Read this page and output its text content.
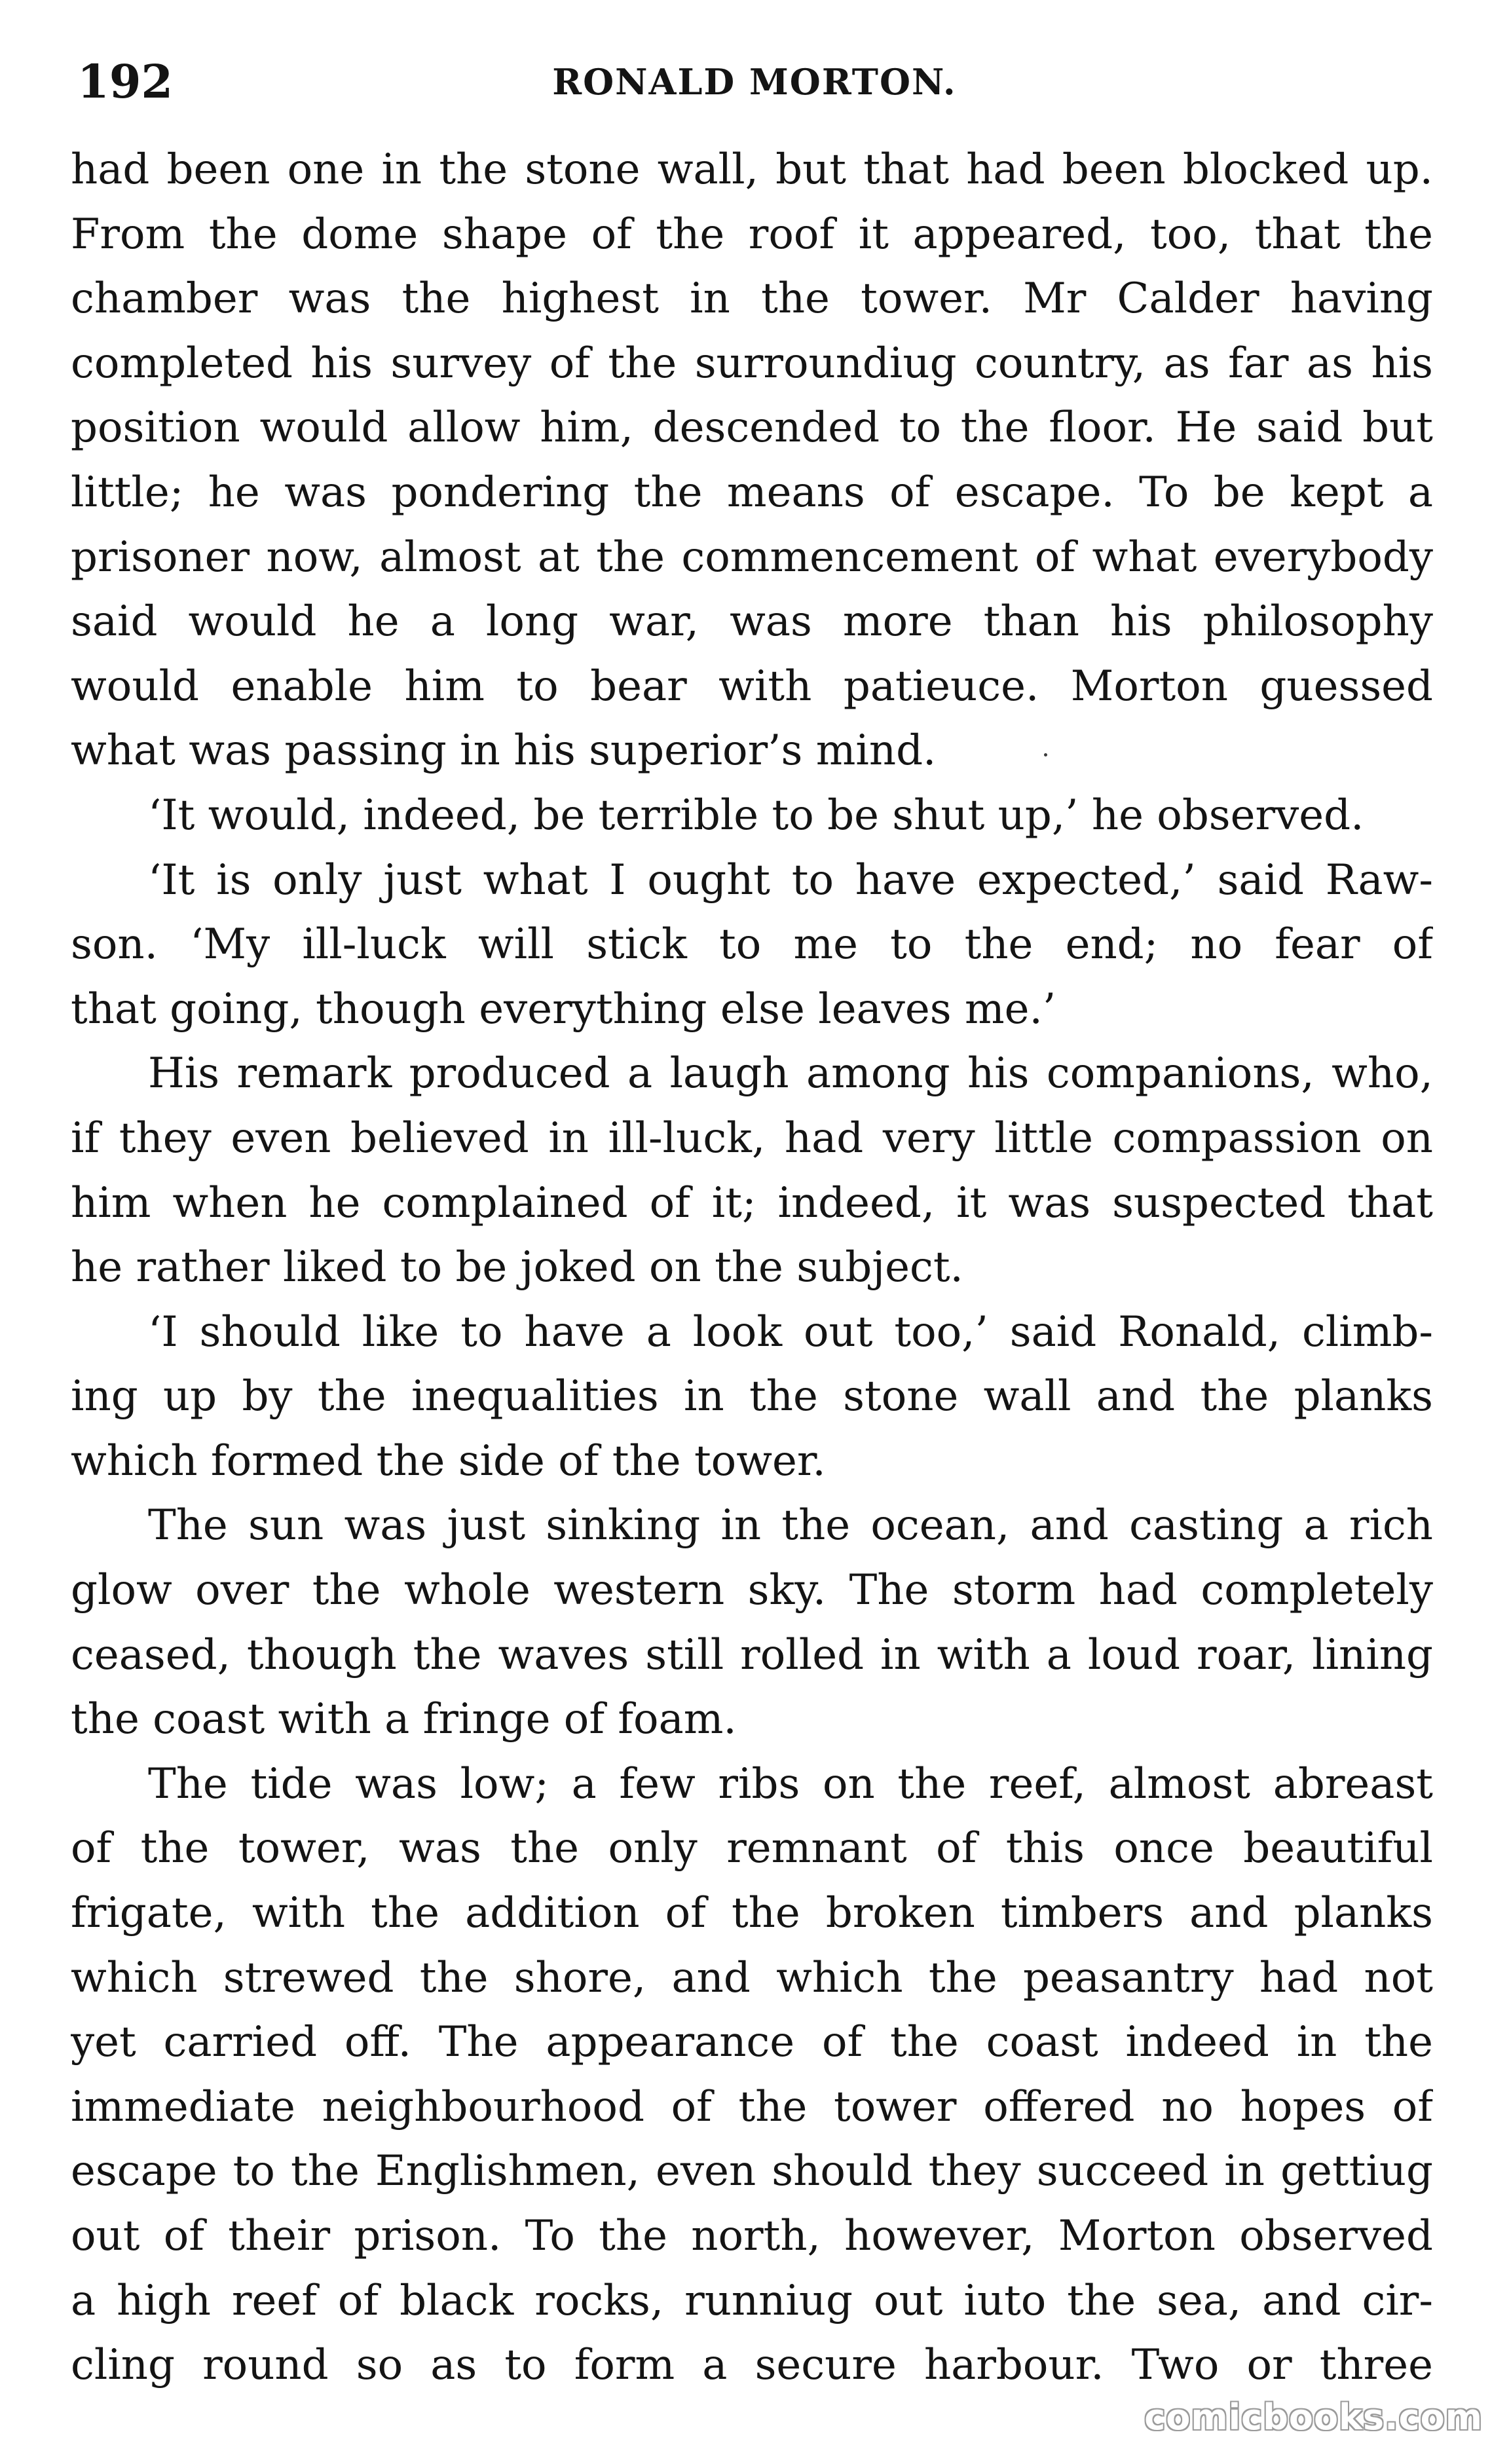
192	RONALD MORTON.
had been one in the stone wall, but that had been blocked up.
From the dome shape of the roof it appeared, too, that the
chamber was the highest in the tower. Mr Calder having
completed his survey of the surroundiug country, as far as his
position would allow him, descended to the floor. He said but
little; he was pondering the means of escape. To be kept a
prisoner now, almost at the commencement of what everybody
said would he a long war, was more than his philosophy
would enable him to bear with patieuce. Morton guessed
what was passing in his superior’s mind.
‘It would, indeed, be terrible to be shut up,’ he observed.
‘It is only just what I ought to have expected,’ said Raw-
son. ‘My ill-luck will stick to me to the end; no fear of
that going, though everything else leaves me.’
His remark produced a laugh among his companions, who,
if they even believed in ill-luck, had very little compassion on
him when he complained of it; indeed, it was suspected that
he rather liked to be joked on the subject.
‘I should like to have a look out too,’ said Ronald, climb-
ing up by the inequalities in the stone wall and the planks
which formed the side of the tower.
The sun was just sinking in the ocean, and casting a rich
glow over the whole western sky. The storm had completely
ceased, though the waves still rolled in with a loud roar, lining
the coast with a fringe of foam.
The tide was low; a few ribs on the reef, almost abreast
of the tower, was the only remnant of this once beautiful
frigate, with the addition of the broken timbers and planks
which strewed the shore, and which the peasantry had not
yet carried off. The appearance of the coast indeed in the
immediate neighbourhood of the tower offered no hopes of
escape to the Englishmen, even should they succeed in gettiug
out of their prison. To the north, however, Morton observed
a high reef of black rocks, runniug out iuto the sea, and cir-
cling round so as to form a secure harbour. Two or three
comicbooks.com
